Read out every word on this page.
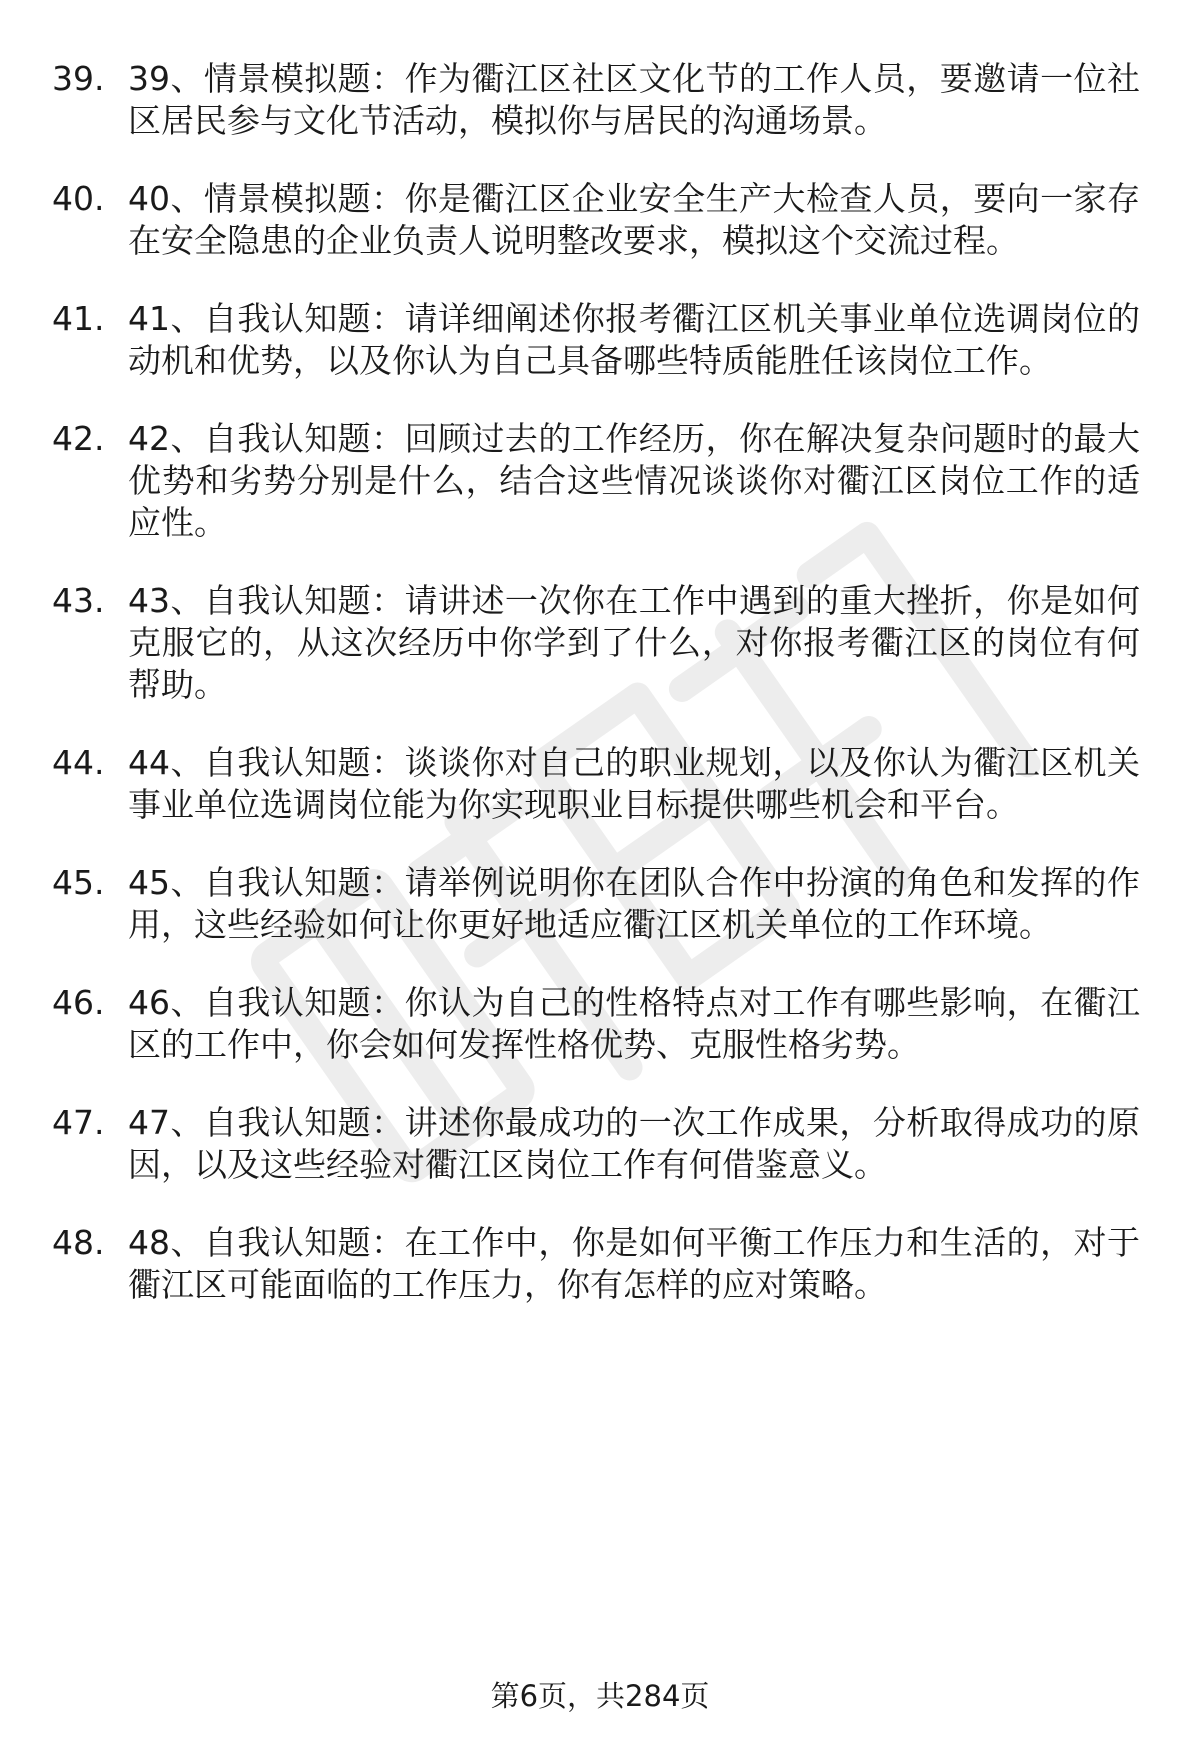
39. 39、情景模拟题：作为衢江区社区文化节的工作人员，要邀请一位社区居民参与文化节活动，模拟你与居民的沟通场景。
40. 40、情景模拟题：你是衢江区企业安全生产大检查人员，要向一家存在安全隐患的企业负责人说明整改要求，模拟这个交流过程。
41. 41、自我认知题：请详细阐述你报考衢江区机关事业单位选调岗位的动机和优势，以及你认为自己具备哪些特质能胜任该岗位工作。
42. 42、自我认知题：回顾过去的工作经历，你在解决复杂问题时的最大优势和劣势分别是什么，结合这些情况谈谈你对衢江区岗位工作的适应性。
43. 43、自我认知题：请讲述一次你在工作中遇到的重大挫折，你是如何克服它的，从这次经历中你学到了什么，对你报考衢江区的岗位有何帮助。
44. 44、自我认知题：谈谈你对自己的职业规划，以及你认为衢江区机关事业单位选调岗位能为你实现职业目标提供哪些机会和平台。
45. 45、自我认知题：请举例说明你在团队合作中扮演的角色和发挥的作用，这些经验如何让你更好地适应衢江区机关单位的工作环境。
46. 46、自我认知题：你认为自己的性格特点对工作有哪些影响，在衢江区的工作中，你会如何发挥性格优势、克服性格劣势。
47. 47、自我认知题：讲述你最成功的一次工作成果，分析取得成功的原因，以及这些经验对衢江区岗位工作有何借鉴意义。
48. 48、自我认知题：在工作中，你是如何平衡工作压力和生活的，对于衢江区可能面临的工作压力，你有怎样的应对策略。
第6页，共284页
